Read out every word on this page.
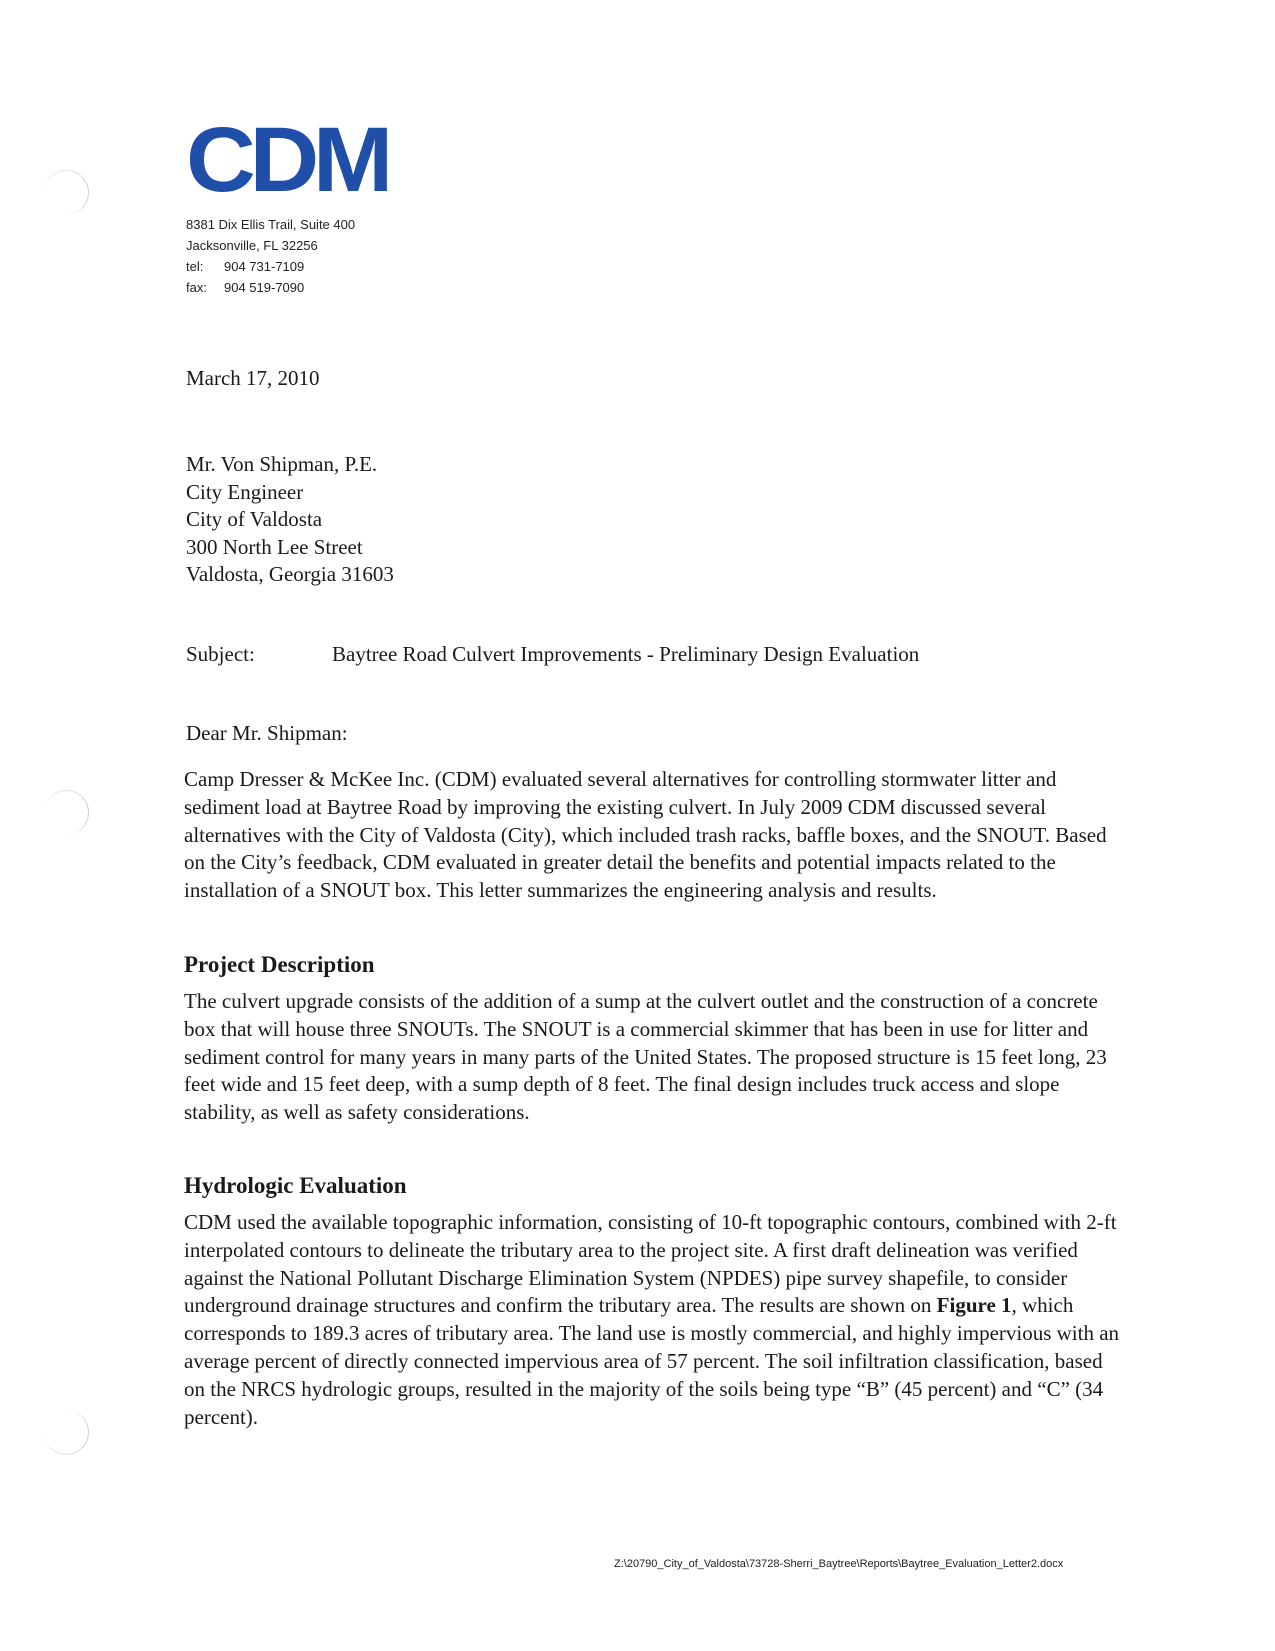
CDM
8381 Dix Ellis Trail, Suite 400
Jacksonville, FL 32256
tel: 904 731-7109
fax: 904 519-7090
March 17, 2010
Mr. Von Shipman, P.E.
City Engineer
City of Valdosta
300 North Lee Street
Valdosta, Georgia 31603
Subject:	Baytree Road Culvert Improvements - Preliminary Design Evaluation
Dear Mr. Shipman:

Camp Dresser & McKee Inc. (CDM) evaluated several alternatives for controlling stormwater litter and sediment load at Baytree Road by improving the existing culvert. In July 2009 CDM discussed several alternatives with the City of Valdosta (City), which included trash racks, baffle boxes, and the SNOUT. Based on the City’s feedback, CDM evaluated in greater detail the benefits and potential impacts related to the installation of a SNOUT box. This letter summarizes the engineering analysis and results.

Project Description

The culvert upgrade consists of the addition of a sump at the culvert outlet and the construction of a concrete box that will house three SNOUTs. The SNOUT is a commercial skimmer that has been in use for litter and sediment control for many years in many parts of the United States. The proposed structure is 15 feet long, 23 feet wide and 15 feet deep, with a sump depth of 8 feet. The final design includes truck access and slope stability, as well as safety considerations.

Hydrologic Evaluation

CDM used the available topographic information, consisting of 10-ft topographic contours, combined with 2-ft interpolated contours to delineate the tributary area to the project site. A first draft delineation was verified against the National Pollutant Discharge Elimination System (NPDES) pipe survey shapefile, to consider underground drainage structures and confirm the tributary area. The results are shown on Figure 1, which corresponds to 189.3 acres of tributary area. The land use is mostly commercial, and highly impervious with an average percent of directly connected impervious area of 57 percent. The soil infiltration classification, based on the NRCS hydrologic groups, resulted in the majority of the soils being type “B” (45 percent) and “C” (34 percent).

Z:\20790_City_of_Valdosta\73728-Sherri_Baytree\Reports\Baytree_Evaluation_Letter2.docx
